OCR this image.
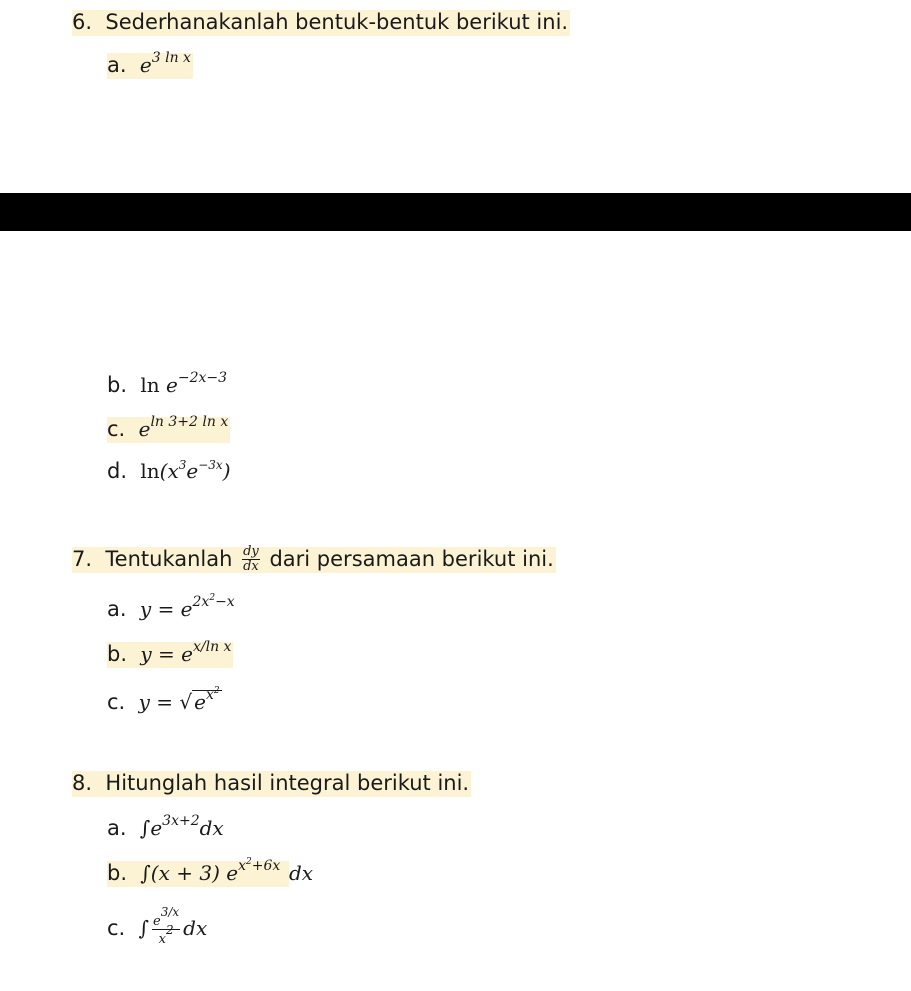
6. Sederhanakanlah bentuk-bentuk berikut ini.
a. $e^{3 ln x}$
b. $\ln e^{-2x-3}$
c. $e^{ln 3+2 ln x}$
d. $\ln(x^3e^{-3x})$
7. Tentukanlah $\frac{dy}{dx}$ dari persamaan berikut ini.
a. $y = e^{2x^2-x}$
b. $y = e^{x/ln x}$
c. y = √ $e^{x^2}$
8. Hitunglah hasil integral berikut ini.
a. $\int e^{3x+2}dx$
b. ∫(x + 3) $e^{x^2+6x}$ dx
c. ∫ $\frac{e^{3/x}}{x^2}$ dx
